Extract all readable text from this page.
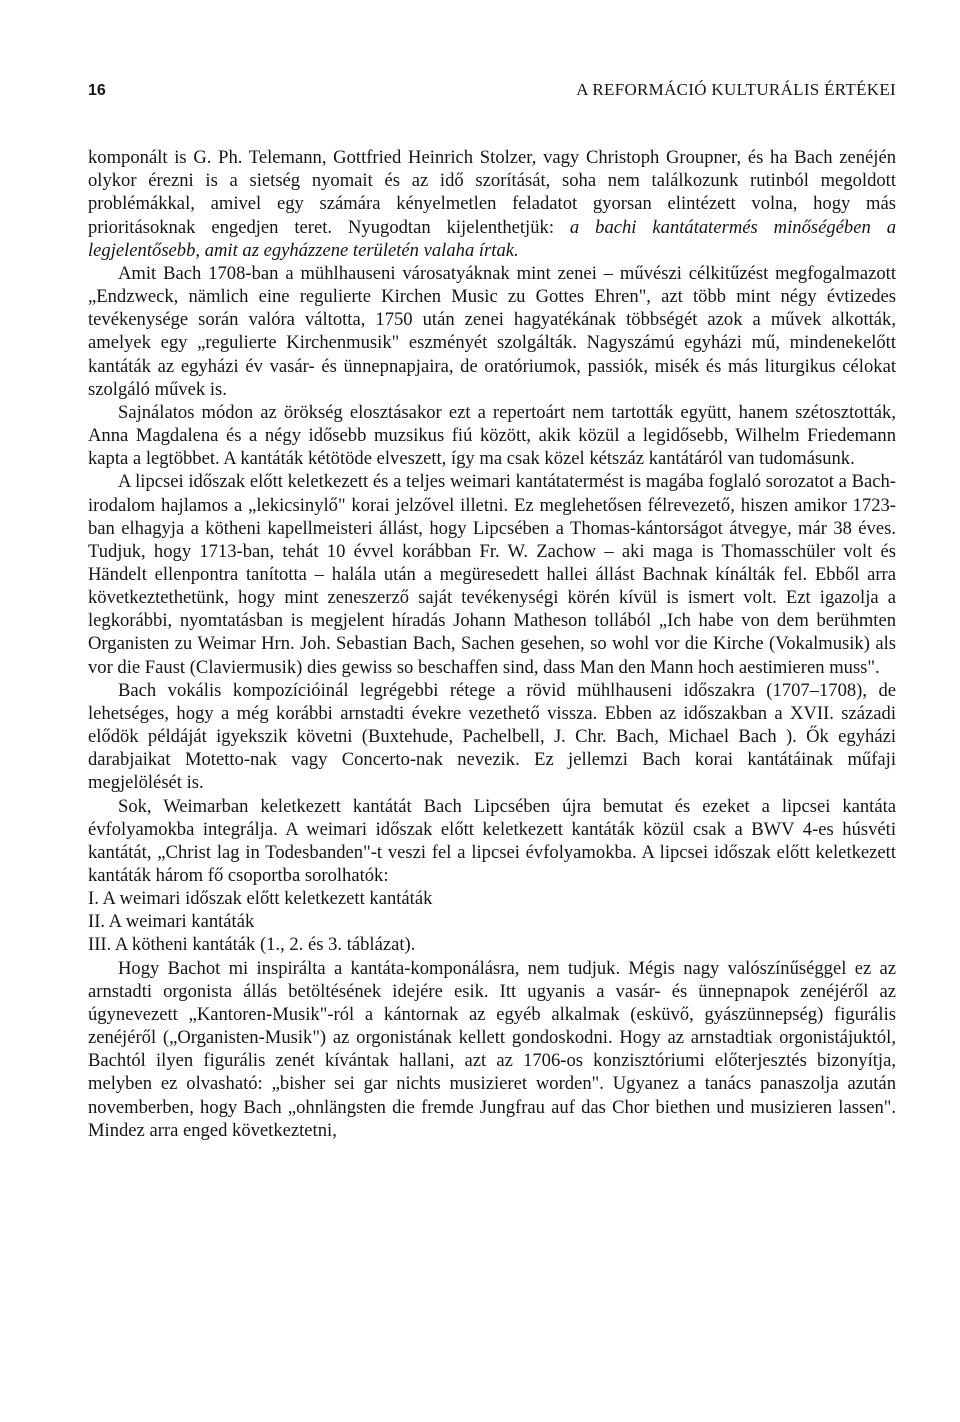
16	A REFORMÁCIÓ KULTURÁLIS ÉRTÉKEI

komponált is G. Ph. Telemann, Gottfried Heinrich Stolzer, vagy Christoph Groupner, és ha Bach zenéjén olykor érezni is a sietség nyomait és az idő szorítását, soha nem találkozunk rutinból megoldott problémákkal, amivel egy számára kényelmetlen feladatot gyorsan elintézett volna, hogy más prioritásoknak engedjen teret. Nyugodtan kijelenthetjük: a bachi kantátatermés minőségében a legjelentősebb, amit az egyházzene területén valaha írtak.

Amit Bach 1708-ban a mühlhauseni városatyáknak mint zenei – művészi célkitűzést megfogalmazott „Endzweck, nämlich eine regulierte Kirchen Music zu Gottes Ehren", azt több mint négy évtizedes tevékenysége során valóra váltotta, 1750 után zenei hagyatékának többségét azok a művek alkották, amelyek egy „regulierte Kirchenmusik" eszményét szolgálták. Nagyszámú egyházi mű, mindenekelőtt kantáták az egyházi év vasár- és ünnepnapjaira, de oratóriumok, passiók, misék és más liturgikus célokat szolgáló művek is.

Sajnálatos módon az örökség elosztásakor ezt a repertoárt nem tartották együtt, hanem szétosztották, Anna Magdalena és a négy idősebb muzsikus fiú között, akik közül a legidősebb, Wilhelm Friedemann kapta a legtöbbet. A kantáták kétötöde elveszett, így ma csak közel kétszáz kantátáról van tudomásunk.

A lipcsei időszak előtt keletkezett és a teljes weimari kantátatermést is magába foglaló sorozatot a Bach-irodalom hajlamos a „lekicsinylő" korai jelzővel illetni. Ez meglehetősen félrevezető, hiszen amikor 1723-ban elhagyja a kötheni kapellmeisteri állást, hogy Lipcsében a Thomas-kántorságot átvegye, már 38 éves. Tudjuk, hogy 1713-ban, tehát 10 évvel korábban Fr. W. Zachow – aki maga is Thomasschüler volt és Händelt ellenpontra tanította – halála után a megüresedett hallei állást Bachnak kínálták fel. Ebből arra következtethetünk, hogy mint zeneszerző saját tevékenységi körén kívül is ismert volt. Ezt igazolja a legkorábbi, nyomtatásban is megjelent híradás Johann Matheson tollából „Ich habe von dem berühmten Organisten zu Weimar Hrn. Joh. Sebastian Bach, Sachen gesehen, so wohl vor die Kirche (Vokalmusik) als vor die Faust (Claviermusik) dies gewiss so beschaffen sind, dass Man den Mann hoch aestimieren muss".

Bach vokális kompozícióinál legrégebbi rétege a rövid mühlhauseni időszakra (1707–1708), de lehetséges, hogy a még korábbi arnstadti évekre vezethető vissza. Ebben az időszakban a XVII. századi elődök példáját igyekszik követni (Buxtehude, Pachelbell, J. Chr. Bach, Michael Bach ). Ők egyházi darabjaikat Motetto-nak vagy Concerto-nak nevezik. Ez jellemzi Bach korai kantátáinak műfaji megjelölését is.

Sok, Weimarban keletkezett kantátát Bach Lipcsében újra bemutat és ezeket a lipcsei kantáta évfolyamokba integrálja. A weimari időszak előtt keletkezett kantáták közül csak a BWV 4-es húsvéti kantátát, „Christ lag in Todesbanden"-t veszi fel a lipcsei évfolyamokba. A lipcsei időszak előtt keletkezett kantáták három fő csoportba sorolhatók:

I. A weimari időszak előtt keletkezett kantáták

II. A weimari kantáták

III. A kötheni kantáták (1., 2. és 3. táblázat).

Hogy Bachot mi inspirálta a kantáta-komponálásra, nem tudjuk. Mégis nagy valószínűséggel ez az arnstadti orgonista állás betöltésének idejére esik. Itt ugyanis a vasár- és ünnepnapok zenéjéről az úgynevezett „Kantoren-Musik"-ról a kántornak az egyéb alkalmak (esküvő, gyászünnepség) figurális zenéjéről („Organisten-Musik") az orgonistának kellett gondoskodni. Hogy az arnstadtiak orgonistájuktól, Bachtól ilyen figurális zenét kívántak hallani, azt az 1706-os konzisztóriumi előterjesztés bizonyítja, melyben ez olvasható: „bisher sei gar nichts musizieret worden". Ugyanez a tanács panaszolja azután novemberben, hogy Bach „ohnlängsten die fremde Jungfrau auf das Chor biethen und musizieren lassen". Mindez arra enged következtetni,
